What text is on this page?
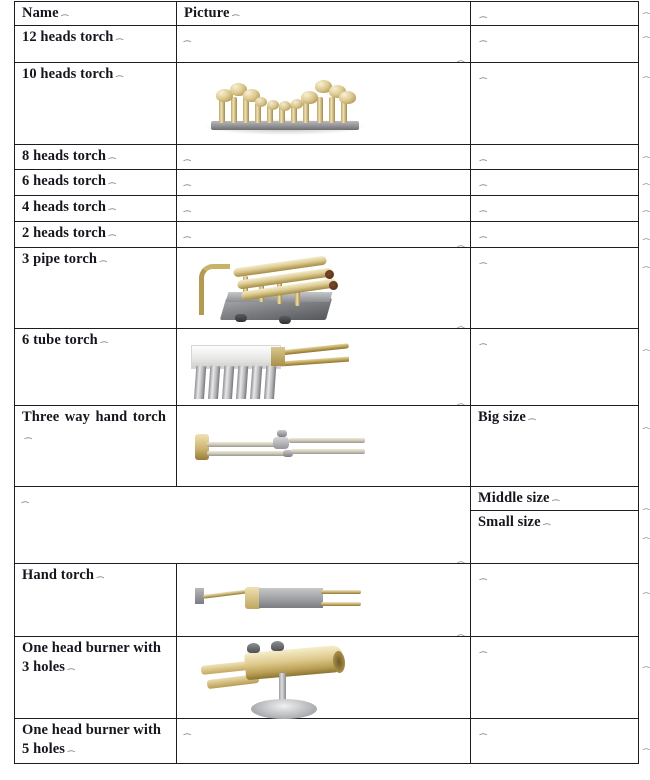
Name ⁔	Picture ⁔	⁔

12 heads torch ⁔	⁔	⁔

10 heads torch ⁔	⁔	⁔

8 heads torch ⁔	⁔	⁔

6 heads torch ⁔	⁔	⁔

4 heads torch ⁔	⁔	⁔

2 heads torch ⁔	⁔	⁔

3 pipe torch ⁔	⁔	⁔

6 tube torch ⁔	⁔	⁔

Three way hand torch⁔	⁔	Big size ⁔

⁔		Middle size ⁔

		Small size ⁔

Hand torch ⁔	⁔	⁔

One head burner with 3 holes ⁔	⁔	⁔

One head burner with 5 holes ⁔	⁔	⁔
⁔
⁔
⁔
⁔
⁔
⁔
⁔
⁔
⁔
⁔
⁔
⁔
⁔
⁔
⁔
